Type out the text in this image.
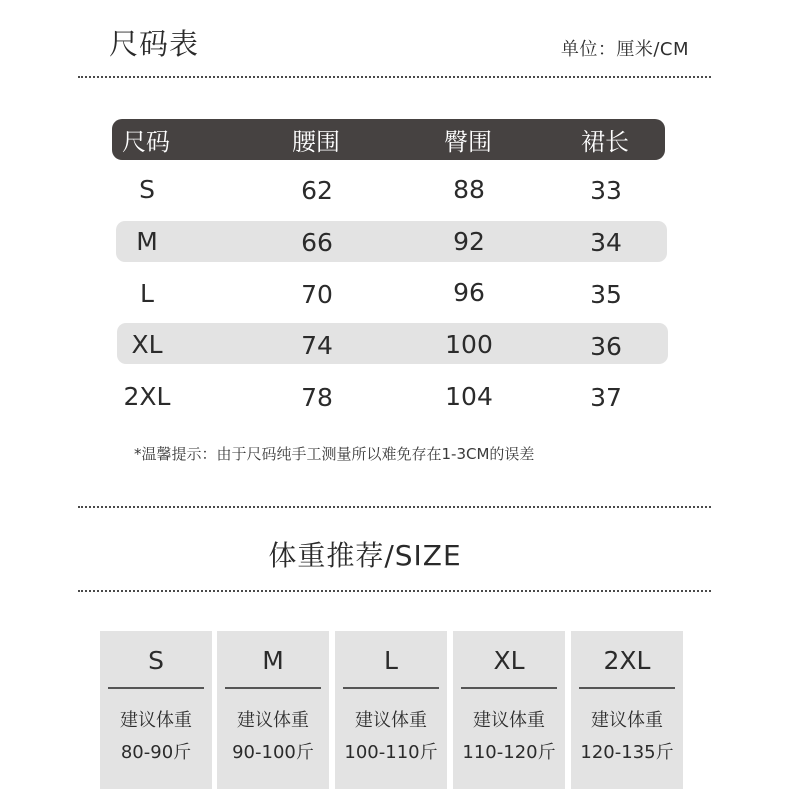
尺码表	单位：厘米/CM
尺码	腰围	臀围	裙长
S	62	88	33
M	66	92	34
L	70	96	35
XL	74	100	36
2XL	78	104	37
*温馨提示：由于尺码纯手工测量所以难免存在1-3CM的误差
体重推荐/SIZE
S
建议体重
80-90斤
M
建议体重
90-100斤
L
建议体重
100-110斤
XL
建议体重
110-120斤
2XL
建议体重
120-135斤
